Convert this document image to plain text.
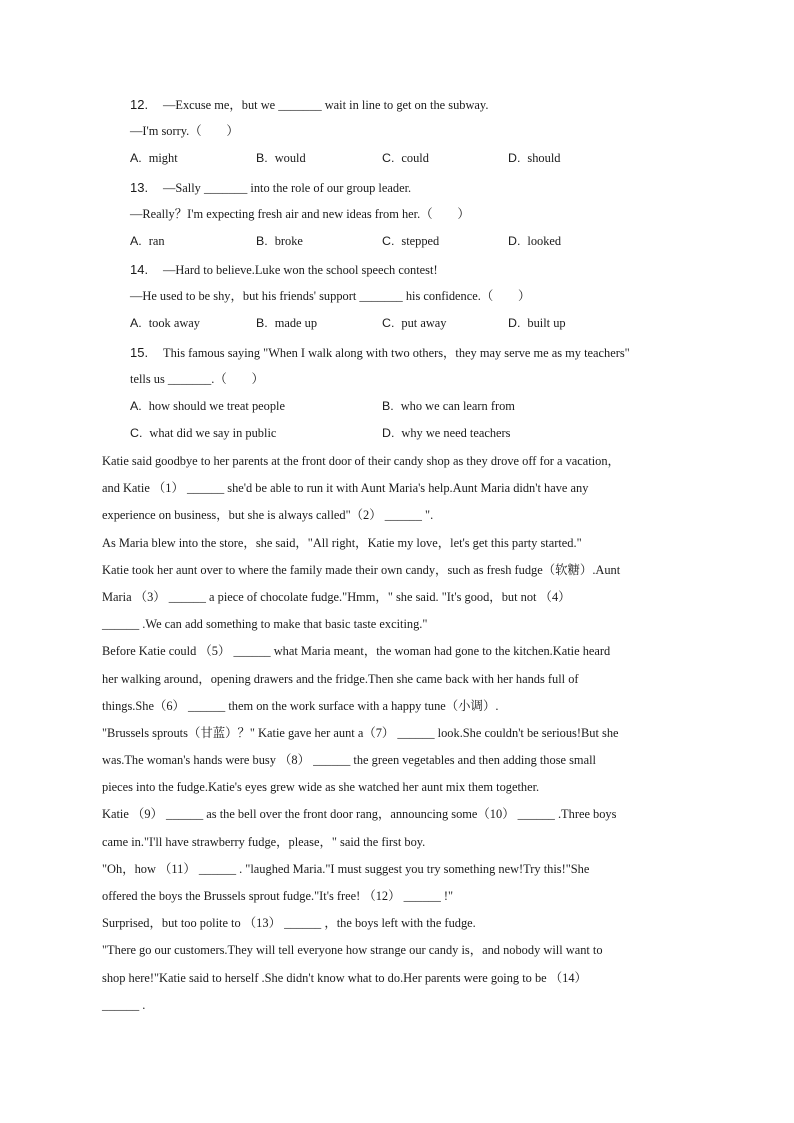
12. —Excuse me，but we _______ wait in line to get on the subway.
—I'm sorry.（　　）
A. might	B. would	C. could	D. should
13. —Sally _______ into the role of our group leader.
—Really？I'm expecting fresh air and new ideas from her.（　　）
A. ran	B. broke	C. stepped	D. looked
14. —Hard to believe.Luke won the school speech contest!
—He used to be shy，but his friends' support _______ his confidence.（　　）
A. took away	B. made up	C. put away	D. built up
15. This famous saying "When I walk along with two others，they may serve me as my teachers"
tells us _______.（　　）
A. how should we treat people	B. who we can learn from
C. what did we say in public	D. why we need teachers
Katie said goodbye to her parents at the front door of their candy shop as they drove off for a vacation，
and Katie （1） ______ she'd be able to run it with Aunt Maria's help.Aunt Maria didn't have any
experience on business，but she is always called"（2） ______ ".
As Maria blew into the store，she said，"All right，Katie my love，let's get this party started."
Katie took her aunt over to where the family made their own candy，such as fresh fudge（软糖）.Aunt
Maria （3） ______ a piece of chocolate fudge."Hmm，" she said. "It's good，but not （4）
______ .We can add something to make that basic taste exciting."
Before Katie could （5） ______ what Maria meant，the woman had gone to the kitchen.Katie heard
her walking around，opening drawers and the fridge.Then she came back with her hands full of
things.She（6） ______ them on the work surface with a happy tune（小调）.
"Brussels sprouts（甘蓝）？" Katie gave her aunt a（7） ______ look.She couldn't be serious!But she
was.The woman's hands were busy （8） ______ the green vegetables and then adding those small
pieces into the fudge.Katie's eyes grew wide as she watched her aunt mix them together.
Katie （9） ______ as the bell over the front door rang，announcing some（10） ______ .Three boys
came in."I'll have strawberry fudge，please，" said the first boy.
"Oh，how （11） ______ . "laughed Maria."I must suggest you try something new!Try this!"She
offered the boys the Brussels sprout fudge."It's free! （12） ______ !"
Surprised，but too polite to （13） ______ ，the boys left with the fudge.
"There go our customers.They will tell everyone how strange our candy is，and nobody will want to
shop here!"Katie said to herself .She didn't know what to do.Her parents were going to be （14）
______ .
